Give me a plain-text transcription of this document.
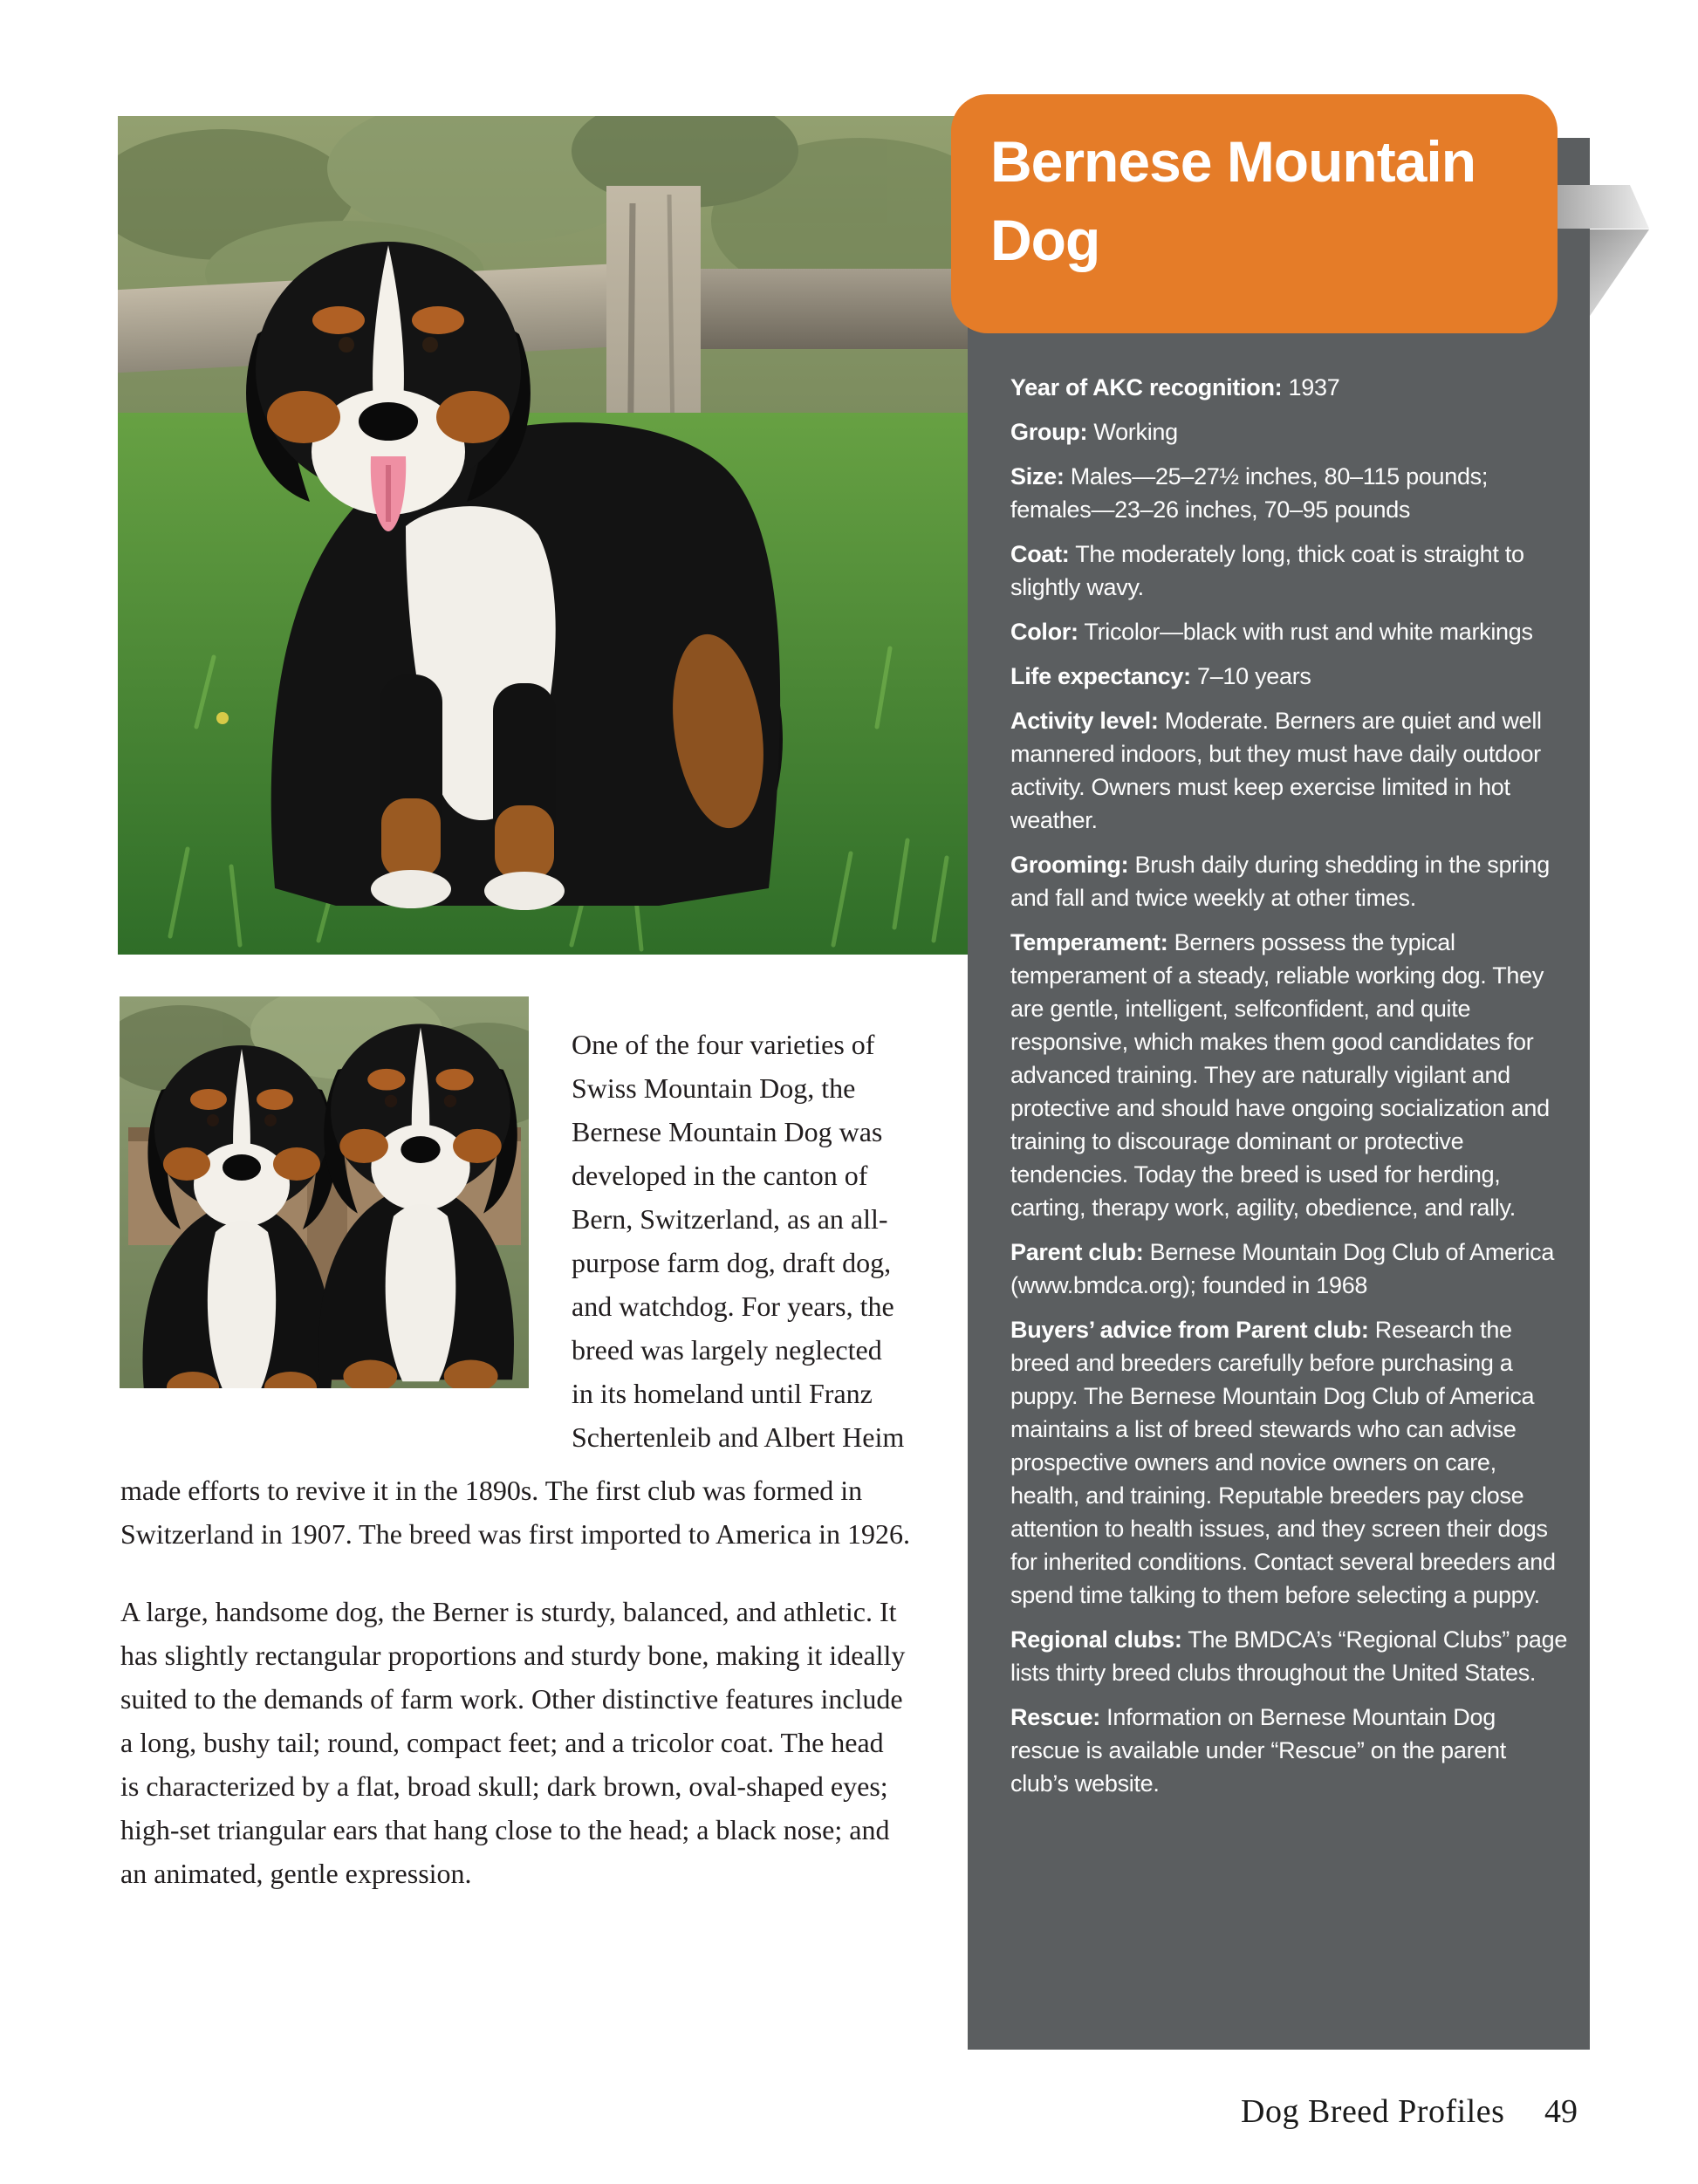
Year of AKC recognition: 1937
Group: Working
Size: Males—25–27½ inches, 80–115 pounds; females—23–26 inches, 70–95 pounds
Coat: The moderately long, thick coat is straight to slightly wavy.
Color: Tricolor—black with rust and white markings
Life expectancy: 7–10 years
Activity level: Moderate. Berners are quiet and well mannered indoors, but they must have daily outdoor activity. Owners must keep exercise limited in hot weather.
Grooming: Brush daily during shedding in the spring and fall and twice weekly at other times.
Temperament: Berners possess the typical temperament of a steady, reliable working dog. They are gentle, intelligent, selfconfident, and quite responsive, which makes them good candidates for advanced training. They are naturally vigilant and protective and should have ongoing socialization and training to discourage dominant or protective tendencies. Today the breed is used for herding, carting, therapy work, agility, obedience, and rally.
Parent club: Bernese Mountain Dog Club of America (www.bmdca.org); founded in 1968
Buyers’ advice from Parent club: Research the breed and breeders carefully before purchasing a puppy. The Bernese Mountain Dog Club of America maintains a list of breed stewards who can advise prospective owners and novice owners on care, health, and training. Reputable breeders pay close attention to health issues, and they screen their dogs for inherited conditions. Contact several breeders and spend time talking to them before selecting a puppy.
Regional clubs: The BMDCA’s “Regional Clubs” page lists thirty breed clubs throughout the United States.
Rescue: Information on Bernese Mountain Dog rescue is available under “Rescue” on the parent club’s website.
Bernese Mountain
Dog
One of the four varieties of
Swiss Mountain Dog, the
Bernese Mountain Dog was
developed in the canton of
Bern, Switzerland, as an all-
purpose farm dog, draft dog,
and watchdog. For years, the
breed was largely neglected
in its homeland until Franz
Schertenleib and Albert Heim
made efforts to revive it in the 1890s. The first club was formed in
Switzerland in 1907. The breed was first imported to America in 1926.
A large, handsome dog, the Berner is sturdy, balanced, and athletic. It
has slightly rectangular proportions and sturdy bone, making it ideally
suited to the demands of farm work. Other distinctive features include
a long, bushy tail; round, compact feet; and a tricolor coat. The head
is characterized by a flat, broad skull; dark brown, oval-shaped eyes;
high-set triangular ears that hang close to the head; a black nose; and
an animated, gentle expression.
Dog Breed Profiles 49
